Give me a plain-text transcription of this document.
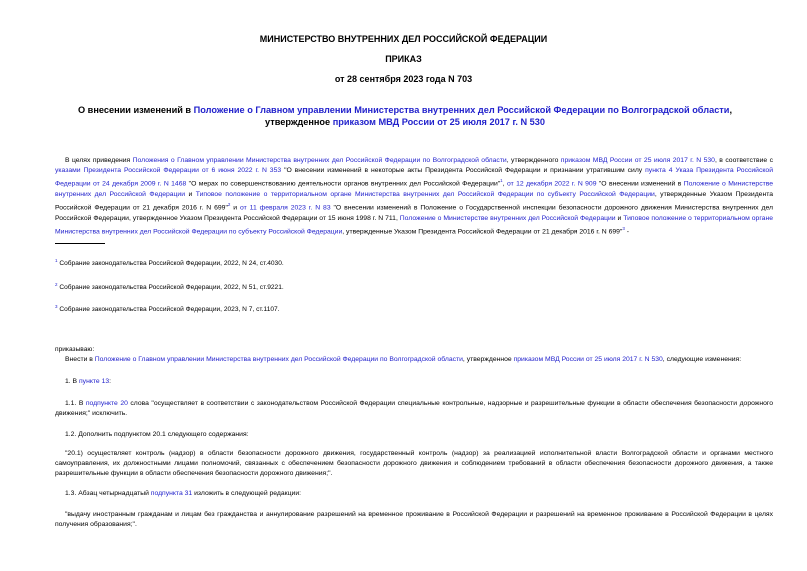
МИНИСТЕРСТВО ВНУТРЕННИХ ДЕЛ РОССИЙСКОЙ ФЕДЕРАЦИИ
ПРИКАЗ
от 28 сентября 2023 года N 703
О внесении изменений в Положение о Главном управлении Министерства внутренних дел Российской Федерации по Волгоградской области, утвержденное приказом МВД России от 25 июля 2017 г. N 530
В целях приведения Положения о Главном управлении Министерства внутренних дел Российской Федерации по Волгоградской области, утвержденного приказом МВД России от 25 июля 2017 г. N 530, в соответствие с указами Президента Российской Федерации от 6 июня 2022 г. N 353 "О внесении изменений в некоторые акты Президента Российской Федерации и признании утратившим силу пункта 4 Указа Президента Российской Федерации от 24 декабря 2009 г. N 1468 "О мерах по совершенствованию деятельности органов внутренних дел Российской Федерации"$^1$, от 12 декабря 2022 г. N 909 "О внесении изменений в Положение о Министерстве внутренних дел Российской Федерации и Типовое положение о территориальном органе Министерства внутренних дел Российской Федерации по субъекту Российской Федерации, утвержденные Указом Президента Российской Федерации от 21 декабря 2016 г. N 699"$^2$ и от 11 февраля 2023 г. N 83 "О внесении изменений в Положение о Государственной инспекции безопасности дорожного движения Министерства внутренних дел Российской Федерации, утвержденное Указом Президента Российской Федерации от 15 июня 1998 г. N 711, Положение о Министерстве внутренних дел Российской Федерации и Типовое положение о территориальном органе Министерства внутренних дел Российской Федерации по субъекту Российской Федерации, утвержденные Указом Президента Российской Федерации от 21 декабря 2016 г. N 699"$^3$ -
$^1$ Собрание законодательства Российской Федерации, 2022, N 24, ст.4030.
$^2$ Собрание законодательства Российской Федерации, 2022, N 51, ст.9221.
$^3$ Собрание законодательства Российской Федерации, 2023, N 7, ст.1107.
приказываю:
Внести в Положение о Главном управлении Министерства внутренних дел Российской Федерации по Волгоградской области, утвержденное приказом МВД России от 25 июля 2017 г. N 530, следующие изменения:
1. В пункте 13:
1.1. В подпункте 20 слова "осуществляет в соответствии с законодательством Российской Федерации специальные контрольные, надзорные и разрешительные функции в области обеспечения безопасности дорожного движения;" исключить.
1.2. Дополнить подпунктом 20.1 следующего содержания:
"20.1) осуществляет контроль (надзор) в области безопасности дорожного движения, государственный контроль (надзор) за реализацией исполнительной власти Волгоградской области и органами местного самоуправления, их должностными лицами полномочий, связанных с обеспечением безопасности дорожного движения и соблюдением требований в области обеспечения безопасности дорожного движения, а также разрешительные функции в области обеспечения безопасности дорожного движения;".
1.3. Абзац четырнадцатый подпункта 31 изложить в следующей редакции:
"выдачу иностранным гражданам и лицам без гражданства и аннулирование разрешений на временное проживание в Российской Федерации и разрешений на временное проживание в Российской Федерации в целях получения образования;".
